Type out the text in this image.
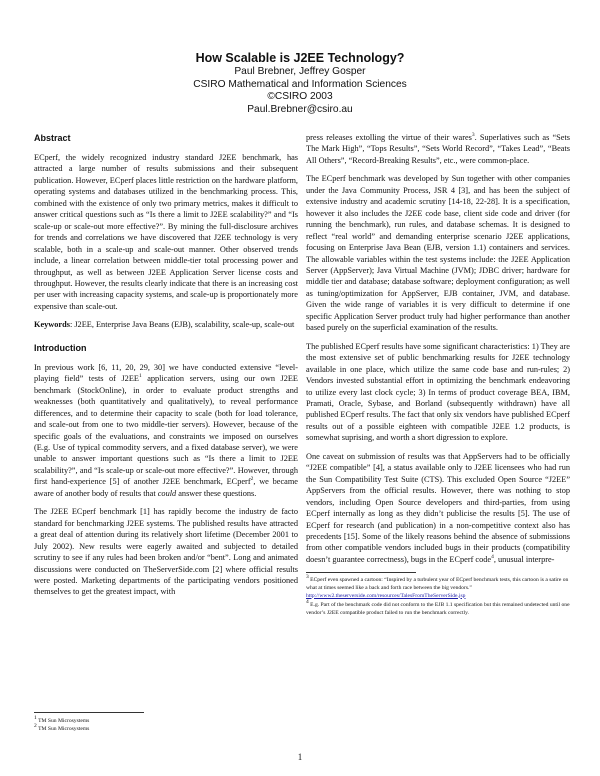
How Scalable is J2EE Technology?
Paul Brebner, Jeffrey Gosper
CSIRO Mathematical and Information Sciences
©CSIRO 2003
Paul.Brebner@csiro.au
Abstract

ECperf, the widely recognized industry standard J2EE benchmark, has attracted a large number of results submissions and their subsequent publication. However, ECperf places little restriction on the hardware platform, operating systems and databases utilized in the benchmarking process. This, combined with the existence of only two primary metrics, makes it difficult to answer critical questions such as “Is there a limit to J2EE scalability?” and “Is scale-up or scale-out more effective?”. By mining the full-disclosure archives for trends and correlations we have discovered that J2EE technology is very scalable, both in a scale-up and scale-out manner. Other observed trends include, a linear correlation between middle-tier total processing power and throughput, as well as between J2EE Application Server license costs and throughput. However, the results clearly indicate that there is an increasing cost per user with increasing capacity systems, and scale-up is proportionately more expensive than scale-out.

Keywords: J2EE, Enterprise Java Beans (EJB), scalability, scale-up, scale-out

Introduction

In previous work [6, 11, 20, 29, 30] we have conducted extensive “level-playing field” tests of $J2EE^1$ application servers, using our own J2EE benchmark (StockOnline), in order to evaluate product strengths and weaknesses (both quantitatively and qualitatively), to reveal performance differences, and to determine their capacity to scale (both for load tolerance, and scale-out from one to two middle-tier servers). However, because of the specific goals of the evaluations, and constraints we imposed on ourselves (E.g. Use of typical commodity servers, and a fixed database server), we were unable to answer important questions such as “Is there a limit to J2EE scalability?”, and “Is scale-up or scale-out more effective?”. However, through first hand-experience [5] of another J2EE benchmark, ECperf$^2$, we became aware of another body of results that could answer these questions.

The J2EE ECperf benchmark [1] has rapidly become the industry de facto standard for benchmarking J2EE systems. The published results have attracted a great deal of attention during its relatively short lifetime (December 2001 to July 2002). New results were eagerly awaited and subjected to detailed scrutiny to see if any rules had been broken and/or “bent”. Long and animated discussions were conducted on TheServerSide.com [2] where official results were posted. Marketing departments of the participating vendors positioned themselves to get the greatest impact, with

$^1$ TM Sun Microsystems
$^2$ TM Sun Microsystems

press releases extolling the virtue of their wares$^3$. Superlatives such as “Sets The Mark High”, “Tops Results”, “Sets World Record”, “Takes Lead”, “Beats All Others”, “Record-Breaking Results”, etc., were common-place.

The ECperf benchmark was developed by Sun together with other companies under the Java Community Process, JSR 4 [3], and has been the subject of extensive industry and academic scrutiny [14-18, 22-28]. It is a specification, however it also includes the J2EE code base, client side code and driver (for running the benchmark), run rules, and database schemas. It is designed to reflect “real world” and demanding enterprise scenario J2EE applications, focusing on Enterprise Java Bean (EJB, version 1.1) containers and services. The allowable variables within the test systems include: the J2EE Application Server (AppServer); Java Virtual Machine (JVM); JDBC driver; hardware for middle tier and database; database software; deployment configuration; as well as tuning/optimization for AppServer, EJB container, JVM, and database. Given the wide range of variables it is very difficult to determine if one specific Application Server product truly had higher performance than another based purely on the superficial examination of the results.

The published ECperf results have some significant characteristics: 1) They are the most extensive set of public benchmarking results for J2EE technology available in one place, which utilize the same code base and run-rules; 2) Vendors invested substantial effort in optimizing the benchmark endeavoring to utilize every last clock cycle; 3) In terms of product coverage BEA, IBM, Pramati, Oracle, Sybase, and Borland (subsequently withdrawn) have all published ECperf results. The fact that only six vendors have published ECperf results out of a possible eighteen with compatible J2EE 1.2 products, is somewhat suprising, and worth a short digression to explore.

One caveat on submission of results was that AppServers had to be officially “J2EE compatible” [4], a status available only to J2EE licensees who had run the Sun Compatibility Test Suite (CTS). This excluded Open Source “J2EE” AppServers from the official results. However, there was nothing to stop vendors, including Open Source developers and third-parties, from using ECperf internally as long as they didn’t publicise the results [5]. The use of ECperf for research (and publication) in a non-competitive context also has precedents [15]. Some of the likely reasons behind the absence of submissions from other compatible vendors included bugs in their products (compatibility doesn’t guarantee correctness), bugs in the ECperf code$^4$, unusual interpre-

$^3$ ECperf even spawned a cartoon: “Inspired by a turbulent year of ECperf benchmark tests, this cartoon is a satire on what at times seemed like a back and forth race between the big vendors.”
http://www2.theserverside.com/resources/TalesFromTheServerSide.jsp

$^4$ E.g. Part of the benchmark code did not conform to the EJB 1.1 specification but this remained undetected until one vendor’s J2EE compatible product failed to run the benchmark correctly.

1
